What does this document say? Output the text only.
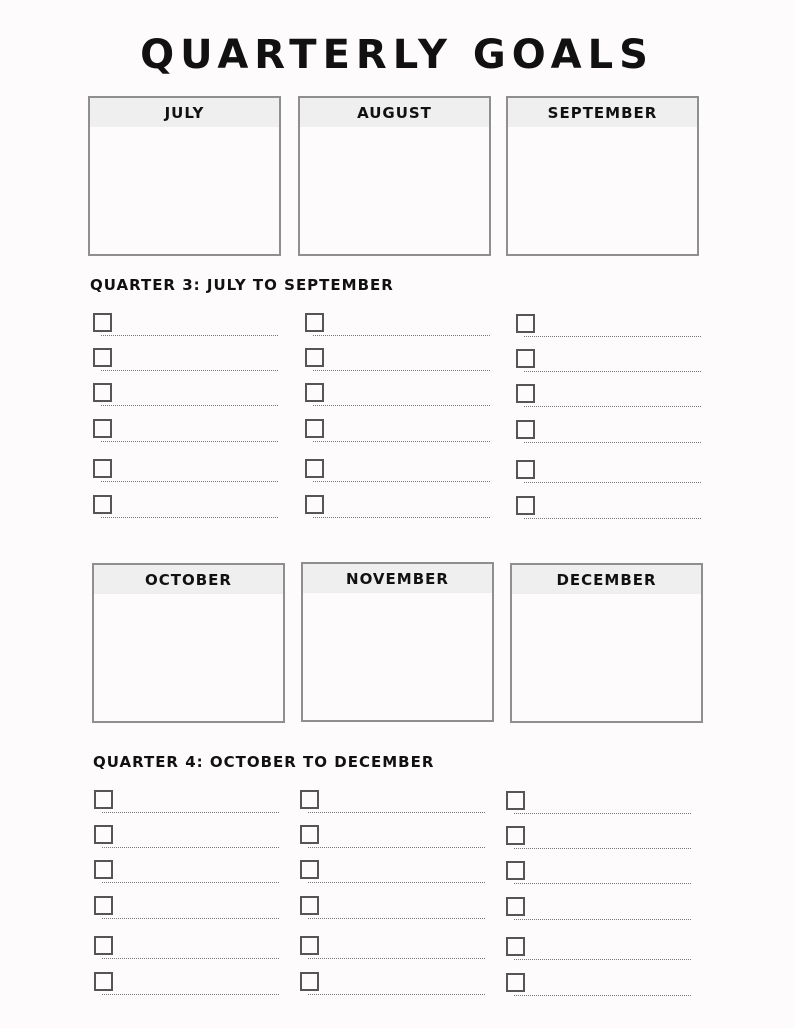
QUARTERLY GOALS
JULY	AUGUST	SEPTEMBER
QUARTER 3: JULY TO SEPTEMBER
OCTOBER	NOVEMBER	DECEMBER
QUARTER 4: OCTOBER TO DECEMBER
